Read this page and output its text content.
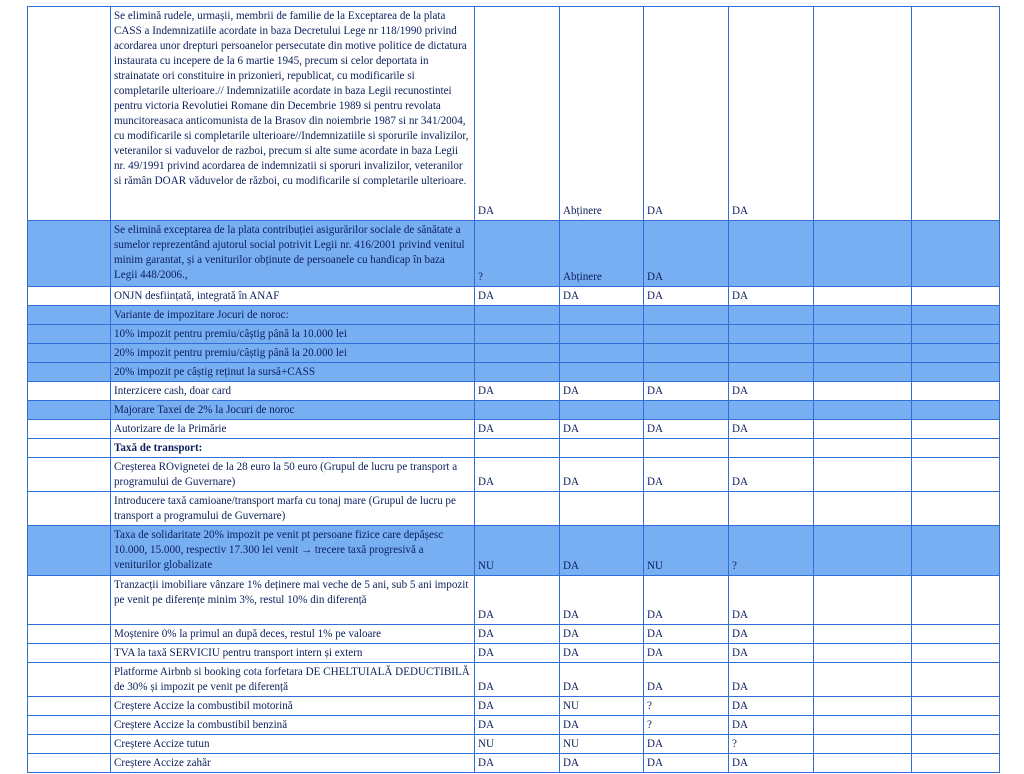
	Se elimină rudele, urmașii, membrii de familie de la Exceptarea de la plata CASS a Indemnizatiile acordate in baza Decretului Lege nr 118/1990 privind acordarea unor drepturi persoanelor persecutate din motive politice de dictatura instaurata cu incepere de la 6 martie 1945, precum si celor deportata in strainatate ori constituire in prizonieri, republicat, cu modificarile si completarile ulterioare.// Indemnizatiile acordate in baza Legii recunostintei pentru victoria Revolutiei Romane din Decembrie 1989 si pentru revolata muncitoreasaca anticomunista de la Brasov din noiembrie 1987 si nr 341/2004, cu modificarile si completarile ulterioare//Indemnizatiile si sporurile invalizilor, veteranilor si vaduvelor de razboi, precum si alte sume acordate in baza Legii nr. 49/1991 privind acordarea de indemnizatii si sporuri invalizilor, veteranilor si rămân DOAR văduvelor de război, cu modificarile si completarile ulterioare.	DA	Abținere	DA	DA		
	Se elimină exceptarea de la plata contribuției asigurărilor sociale de sănătate a sumelor reprezentând ajutorul social potrivit Legii nr. 416/2001 privind venitul minim garantat, și a veniturilor obținute de persoanele cu handicap în baza Legii 448/2006.,	?	Abținere	DA			
	ONJN desființată, integrată în ANAF	DA	DA	DA	DA		
	Variante de impozitare Jocuri de noroc:						
	10% impozit pentru premiu/câștig până la 10.000 lei						
	20% impozit pentru premiu/câștig până la 20.000 lei						
	20% impozit pe câștig reținut la sursă+CASS						
	Interzicere cash, doar card	DA	DA	DA	DA		
	Majorare Taxei de 2% la Jocuri de noroc						
	Autorizare de la Primărie	DA	DA	DA	DA		
	Taxă de transport:						
	Creșterea ROvignetei de la 28 euro la 50 euro (Grupul de lucru pe transport a programului de Guvernare)	DA	DA	DA	DA		
	Introducere taxă camioane/transport marfa cu tonaj mare (Grupul de lucru pe transport a programului de Guvernare)						
	Taxa de solidaritate 20% impozit pe venit pt persoane fizice care depășesc 10.000, 15.000, respectiv 17.300 lei venit → trecere taxă progresivă a veniturilor globalizate	NU	DA	NU	?		
	Tranzacții imobiliare vânzare 1% deținere mai veche de 5 ani, sub 5 ani impozit pe venit pe diferențe minim 3%, restul 10% din diferență	DA	DA	DA	DA		
	Moștenire 0% la primul an după deces, restul 1% pe valoare	DA	DA	DA	DA		
	TVA la taxă SERVICIU pentru transport intern și extern	DA	DA	DA	DA		
	Platforme Airbnb si booking cota forfetara DE CHELTUIALĂ DEDUCTIBILĂ de 30% și impozit pe venit pe diferență	DA	DA	DA	DA		
	Creștere Accize la combustibil motorină	DA	NU	?	DA		
	Creștere Accize la combustibil benzină	DA	DA	?	DA		
	Creștere Accize tutun	NU	NU	DA	?		
	Creștere Accize zahăr	DA	DA	DA	DA		
